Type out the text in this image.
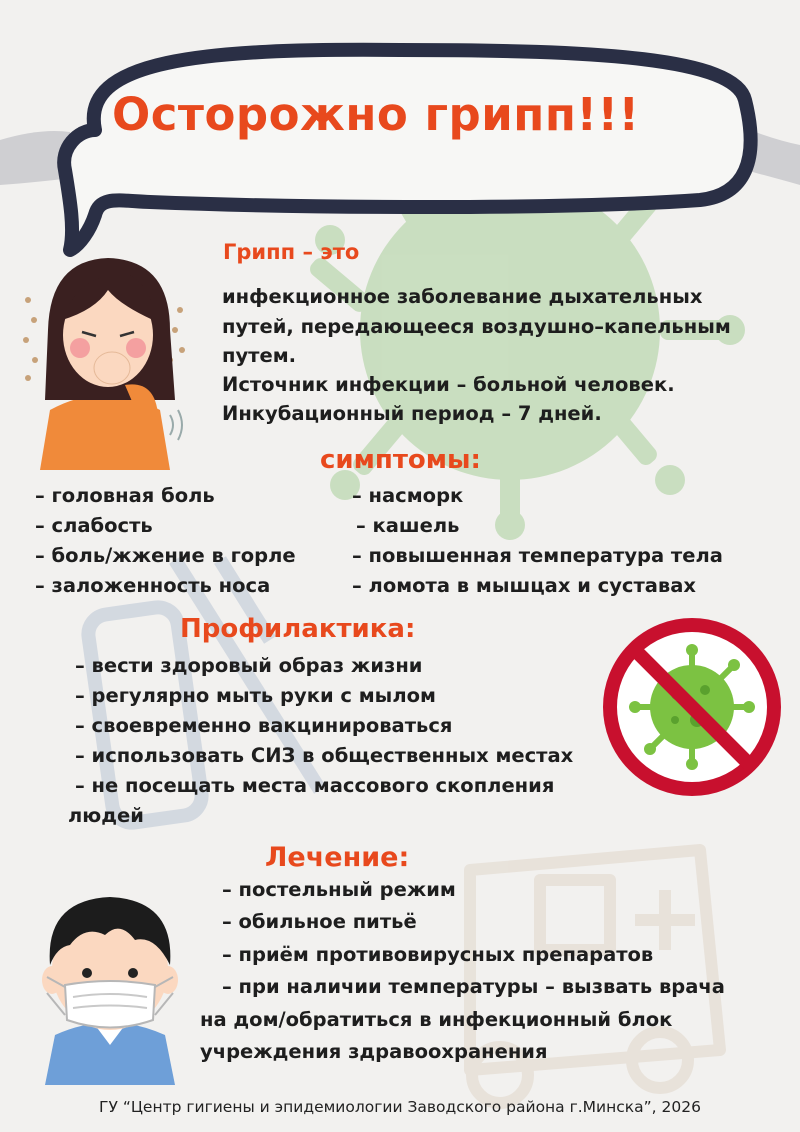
Осторожно грипп!!!
Грипп – это
инфекционное заболевание дыхательных
путей, передающееся воздушно–капельным
путем.
Источник инфекции – больной человек.
Инкубационный период – 7 дней.
симптомы:
– головная боль
– слабость
– боль/жжение в горле
– заложенность носа
– насморк
– кашель
– повышенная температура тела
– ломота в мышцах и суставах
Профилактика:
– вести здоровый образ жизни
– регулярно мыть руки с мылом
– своевременно вакцинироваться
– использовать СИЗ в общественных местах
– не посещать места массового скопления
людей
Лечение:
– постельный режим
– обильное питьё
– приём противовирусных препаратов
– при наличии температуры – вызвать врача
на дом/обратиться в инфекционный блок
учреждения здравоохранения
ГУ “Центр гигиены и эпидемиологии Заводского района г.Минска”, 2026
